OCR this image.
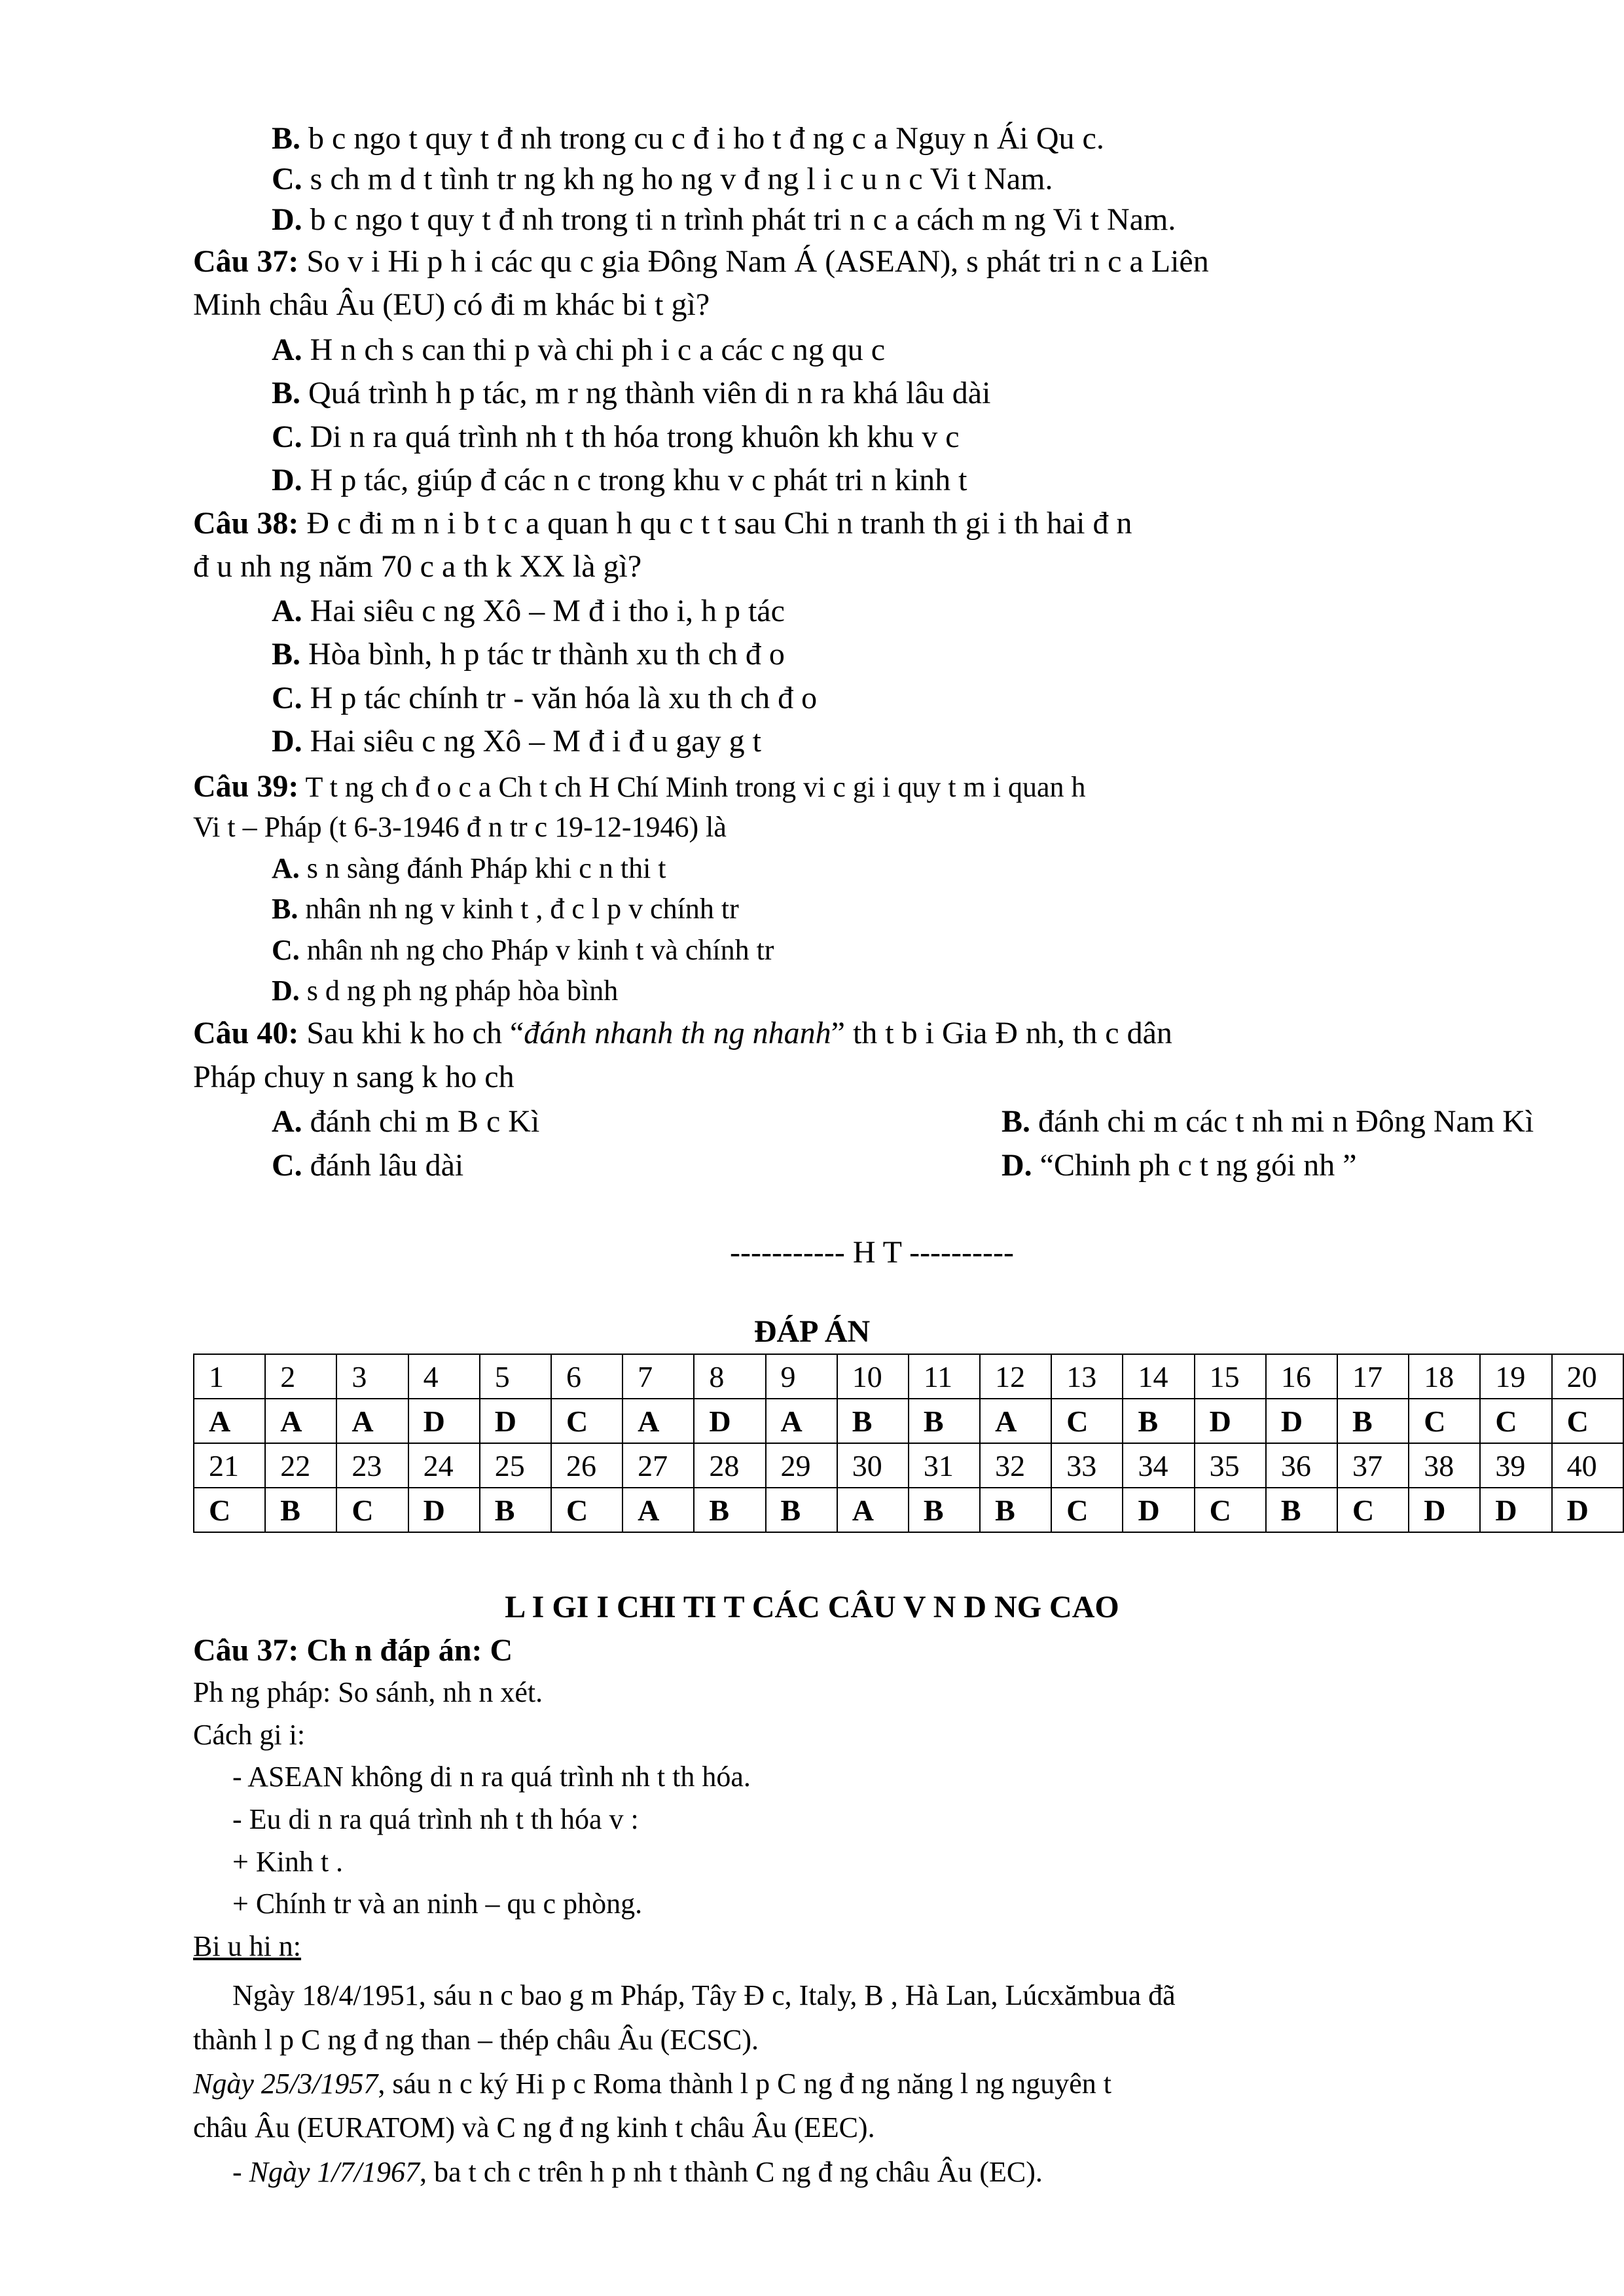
B. b c ngo t quy t đ nh trong cu c đ i ho t đ ng c a Nguy n Ái Qu c.
C. s ch m d t tình tr ng kh ng ho ng v đ ng l i c u n c Vi t Nam.
D. b c ngo t quy t đ nh trong ti n trình phát tri n c a cách m ng Vi t Nam.
Câu 37: So v i Hi p h i các qu c gia Đông Nam Á (ASEAN), s phát tri n c a Liên
Minh châu Âu (EU) có đi m khác bi t gì?
A. H n ch s can thi p và chi ph i c a các c ng qu c
B. Quá trình h p tác, m r ng thành viên di n ra khá lâu dài
C. Di n ra quá trình nh t th hóa trong khuôn kh khu v c
D. H p tác, giúp đ các n c trong khu v c phát tri n kinh t
Câu 38: Đ c đi m n i b t c a quan h qu c t t sau Chi n tranh th gi i th hai đ n
đ u nh ng năm 70 c a th k XX là gì?
A. Hai siêu c ng Xô – M đ i tho i, h p tác
B. Hòa bình, h p tác tr thành xu th ch đ o
C. H p tác chính tr - văn hóa là xu th ch đ o
D. Hai siêu c ng Xô – M đ i đ u gay g t
Câu 39: T t ng ch đ o c a Ch t ch H Chí Minh trong vi c gi i quy t m i quan h
Vi t – Pháp (t 6-3-1946 đ n tr c 19-12-1946) là
A. s n sàng đánh Pháp khi c n thi t
B. nhân nh ng v kinh t , đ c l p v chính tr
C. nhân nh ng cho Pháp v kinh t và chính tr
D. s d ng ph ng pháp hòa bình
Câu 40: Sau khi k ho ch “đánh nhanh th ng nhanh” th t b i Gia Đ nh, th c dân
Pháp chuy n sang k ho ch
A. đánh chi m B c Kì	B. đánh chi m các t nh mi n Đông Nam Kì
C. đánh lâu dài	D. “Chinh ph c t ng gói nh ”
----------- H T ----------
ĐÁP ÁN
1	2	3	4	5	6	7	8	9	10	11	12	13	14	15	16	17	18	19	20
A	A	A	D	D	C	A	D	A	B	B	A	C	B	D	D	B	C	C	C
21	22	23	24	25	26	27	28	29	30	31	32	33	34	35	36	37	38	39	40
C	B	C	D	B	C	A	B	B	A	B	B	C	D	C	B	C	D	D	D
L I GI I CHI TI T CÁC CÂU V N D NG CAO
Câu 37: Ch n đáp án: C
Ph ng pháp: So sánh, nh n xét.
Cách gi i:
- ASEAN không di n ra quá trình nh t th hóa.
- Eu di n ra quá trình nh t th hóa v :
+ Kinh t .
+ Chính tr và an ninh – qu c phòng.
Bi u hi n:
Ngày 18/4/1951, sáu n c bao g m Pháp, Tây Đ c, Italy, B , Hà Lan, Lúcxămbua đã
thành l p C ng đ ng than – thép châu Âu (ECSC).
Ngày 25/3/1957, sáu n c ký Hi p c Roma thành l p C ng đ ng năng l ng nguyên t
châu Âu (EURATOM) và C ng đ ng kinh t châu Âu (EEC).
- Ngày 1/7/1967, ba t ch c trên h p nh t thành C ng đ ng châu Âu (EC).
